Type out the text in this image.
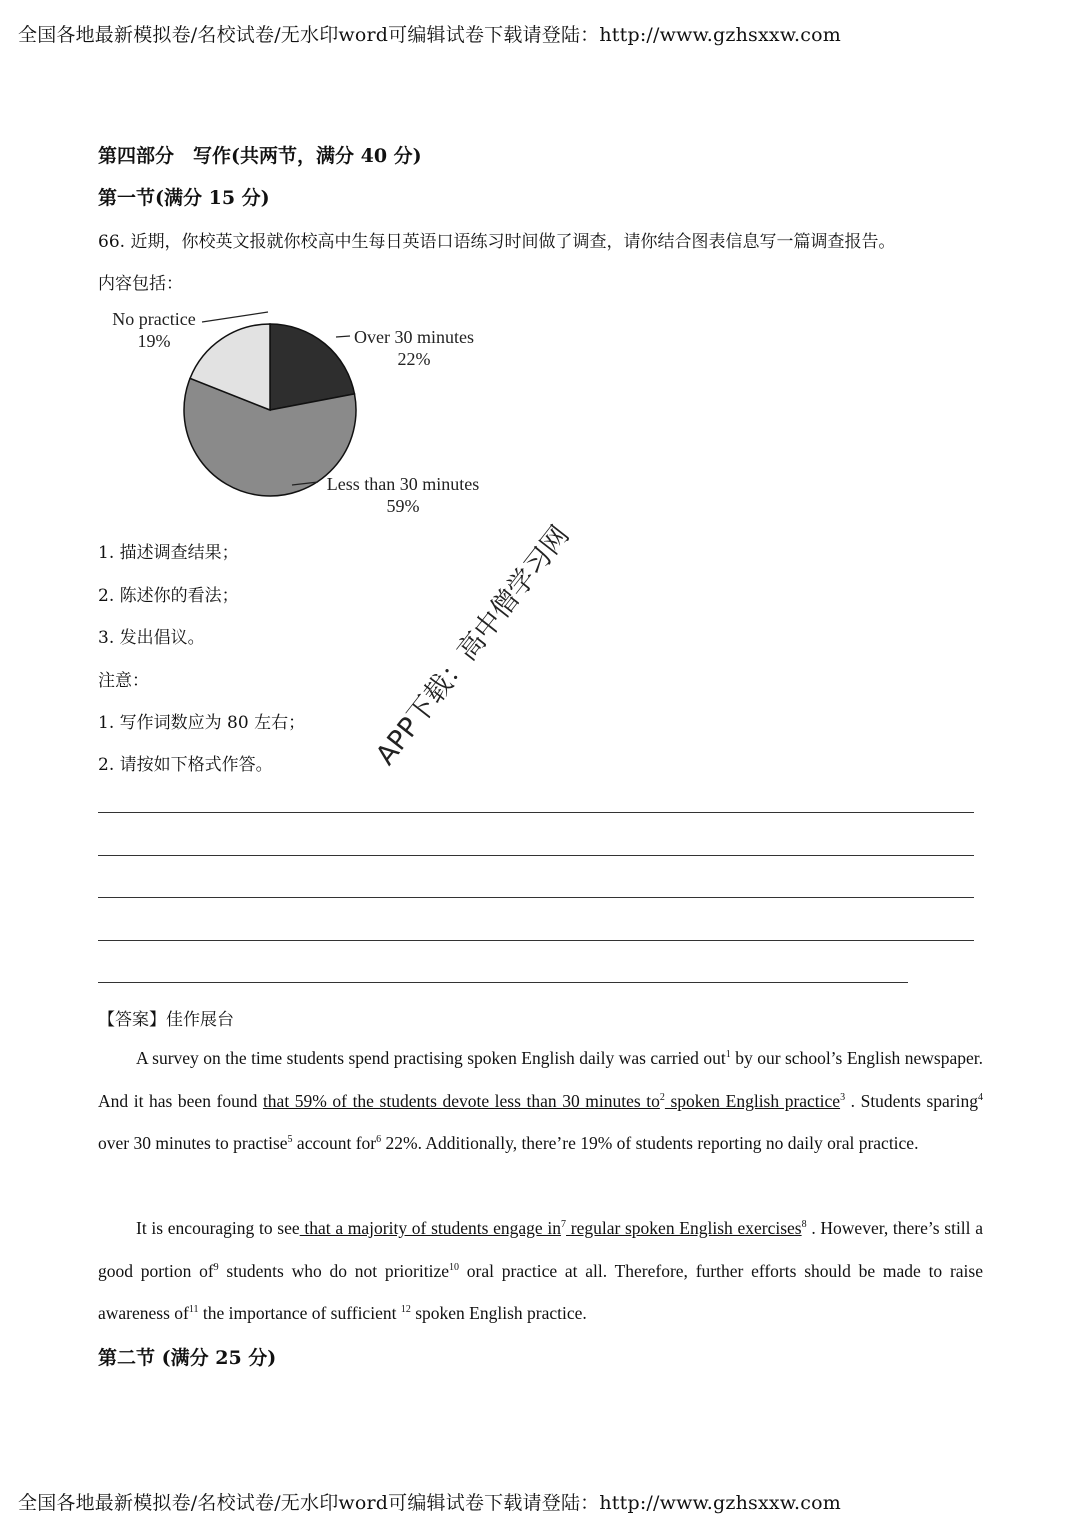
全国各地最新模拟卷/名校试卷/无水印word可编辑试卷下载请登陆：http://www.gzhsxxw.com
第四部分　写作(共两节，满分 40 分)
第一节(满分 15 分)
66. 近期，你校英文报就你校高中生每日英语口语练习时间做了调查，请你结合图表信息写一篇调查报告。
内容包括：
No practice
19%	Over 30 minutes
22%
Less than 30 minutes
59%
1. 描述调查结果；
2. 陈述你的看法；
3. 发出倡议。
注意：
1. 写作词数应为 80 左右；
2. 请按如下格式作答。	APP下载：高中僧学习网
【答案】佳作展台
A survey on the time students spend practising spoken English daily was carried out$^1$ by our school’s English newspaper. And it has been found that 59% of the students devote less than 30 minutes $to^2$ spoken English practice$^3$ . Students sparing$^4$ over 30 minutes to practise$^5$ account for$^6$ 22%. Additionally, there’re 19% of students reporting no daily oral practice.
It is encouraging to see that a majority of students engage $in^7$ regular spoken English exercises$^8$ . However, there’s still a good portion $of^9$ students who do not prioritize$^{10}$ oral practice at all. Therefore, further efforts should be made to raise awareness $of^{11}$ the importance of sufficient $^{12}$ spoken English practice.
第二节 (满分 25 分)
全国各地最新模拟卷/名校试卷/无水印word可编辑试卷下载请登陆：http://www.gzhsxxw.com
